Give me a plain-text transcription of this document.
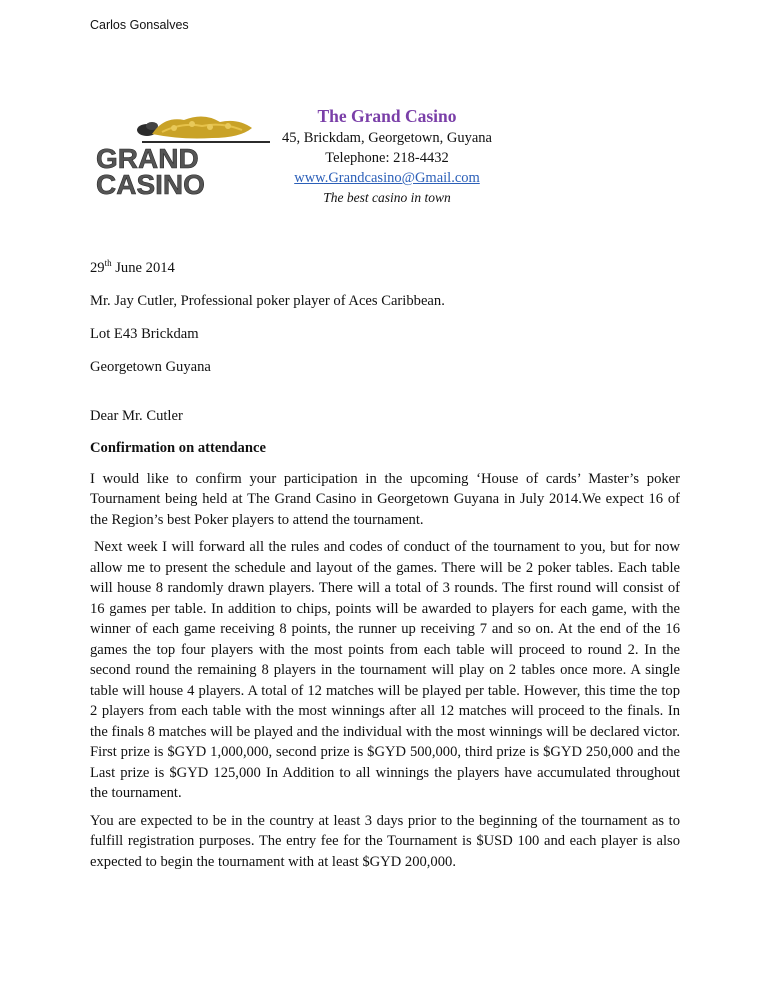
Carlos Gonsalves
GRAND
CASINO
The Grand Casino
45, Brickdam, Georgetown, Guyana
Telephone: 218-4432
www.Grandcasino@Gmail.com
The best casino in town

29th June 2014

Mr. Jay Cutler, Professional poker player of Aces Caribbean.

Lot E43 Brickdam

Georgetown Guyana

Dear Mr. Cutler

Confirmation on attendance

I would like to confirm your participation in the upcoming ‘House of cards’ Master’s poker Tournament being held at The Grand Casino in Georgetown Guyana in July 2014.We expect 16 of the Region’s best Poker players to attend the tournament.

Next week I will forward all the rules and codes of conduct of the tournament to you, but for now allow me to present the schedule and layout of the games. There will be 2 poker tables. Each table will house 8 randomly drawn players. There will a total of 3 rounds. The first round will consist of 16 games per table. In addition to chips, points will be awarded to players for each game, with the winner of each game receiving 8 points, the runner up receiving 7 and so on. At the end of the 16 games the top four players with the most points from each table will proceed to round 2. In the second round the remaining 8 players in the tournament will play on 2 tables once more. A single table will house 4 players. A total of 12 matches will be played per table. However, this time the top 2 players from each table with the most winnings after all 12 matches will proceed to the finals. In the finals 8 matches will be played and the individual with the most winnings will be declared victor. First prize is $GYD 1,000,000, second prize is $GYD 500,000, third prize is $GYD 250,000 and the Last prize is $GYD 125,000 In Addition to all winnings the players have accumulated throughout the tournament.

You are expected to be in the country at least 3 days prior to the beginning of the tournament as to fulfill registration purposes. The entry fee for the Tournament is $USD 100 and each player is also expected to begin the tournament with at least $GYD 200,000.
